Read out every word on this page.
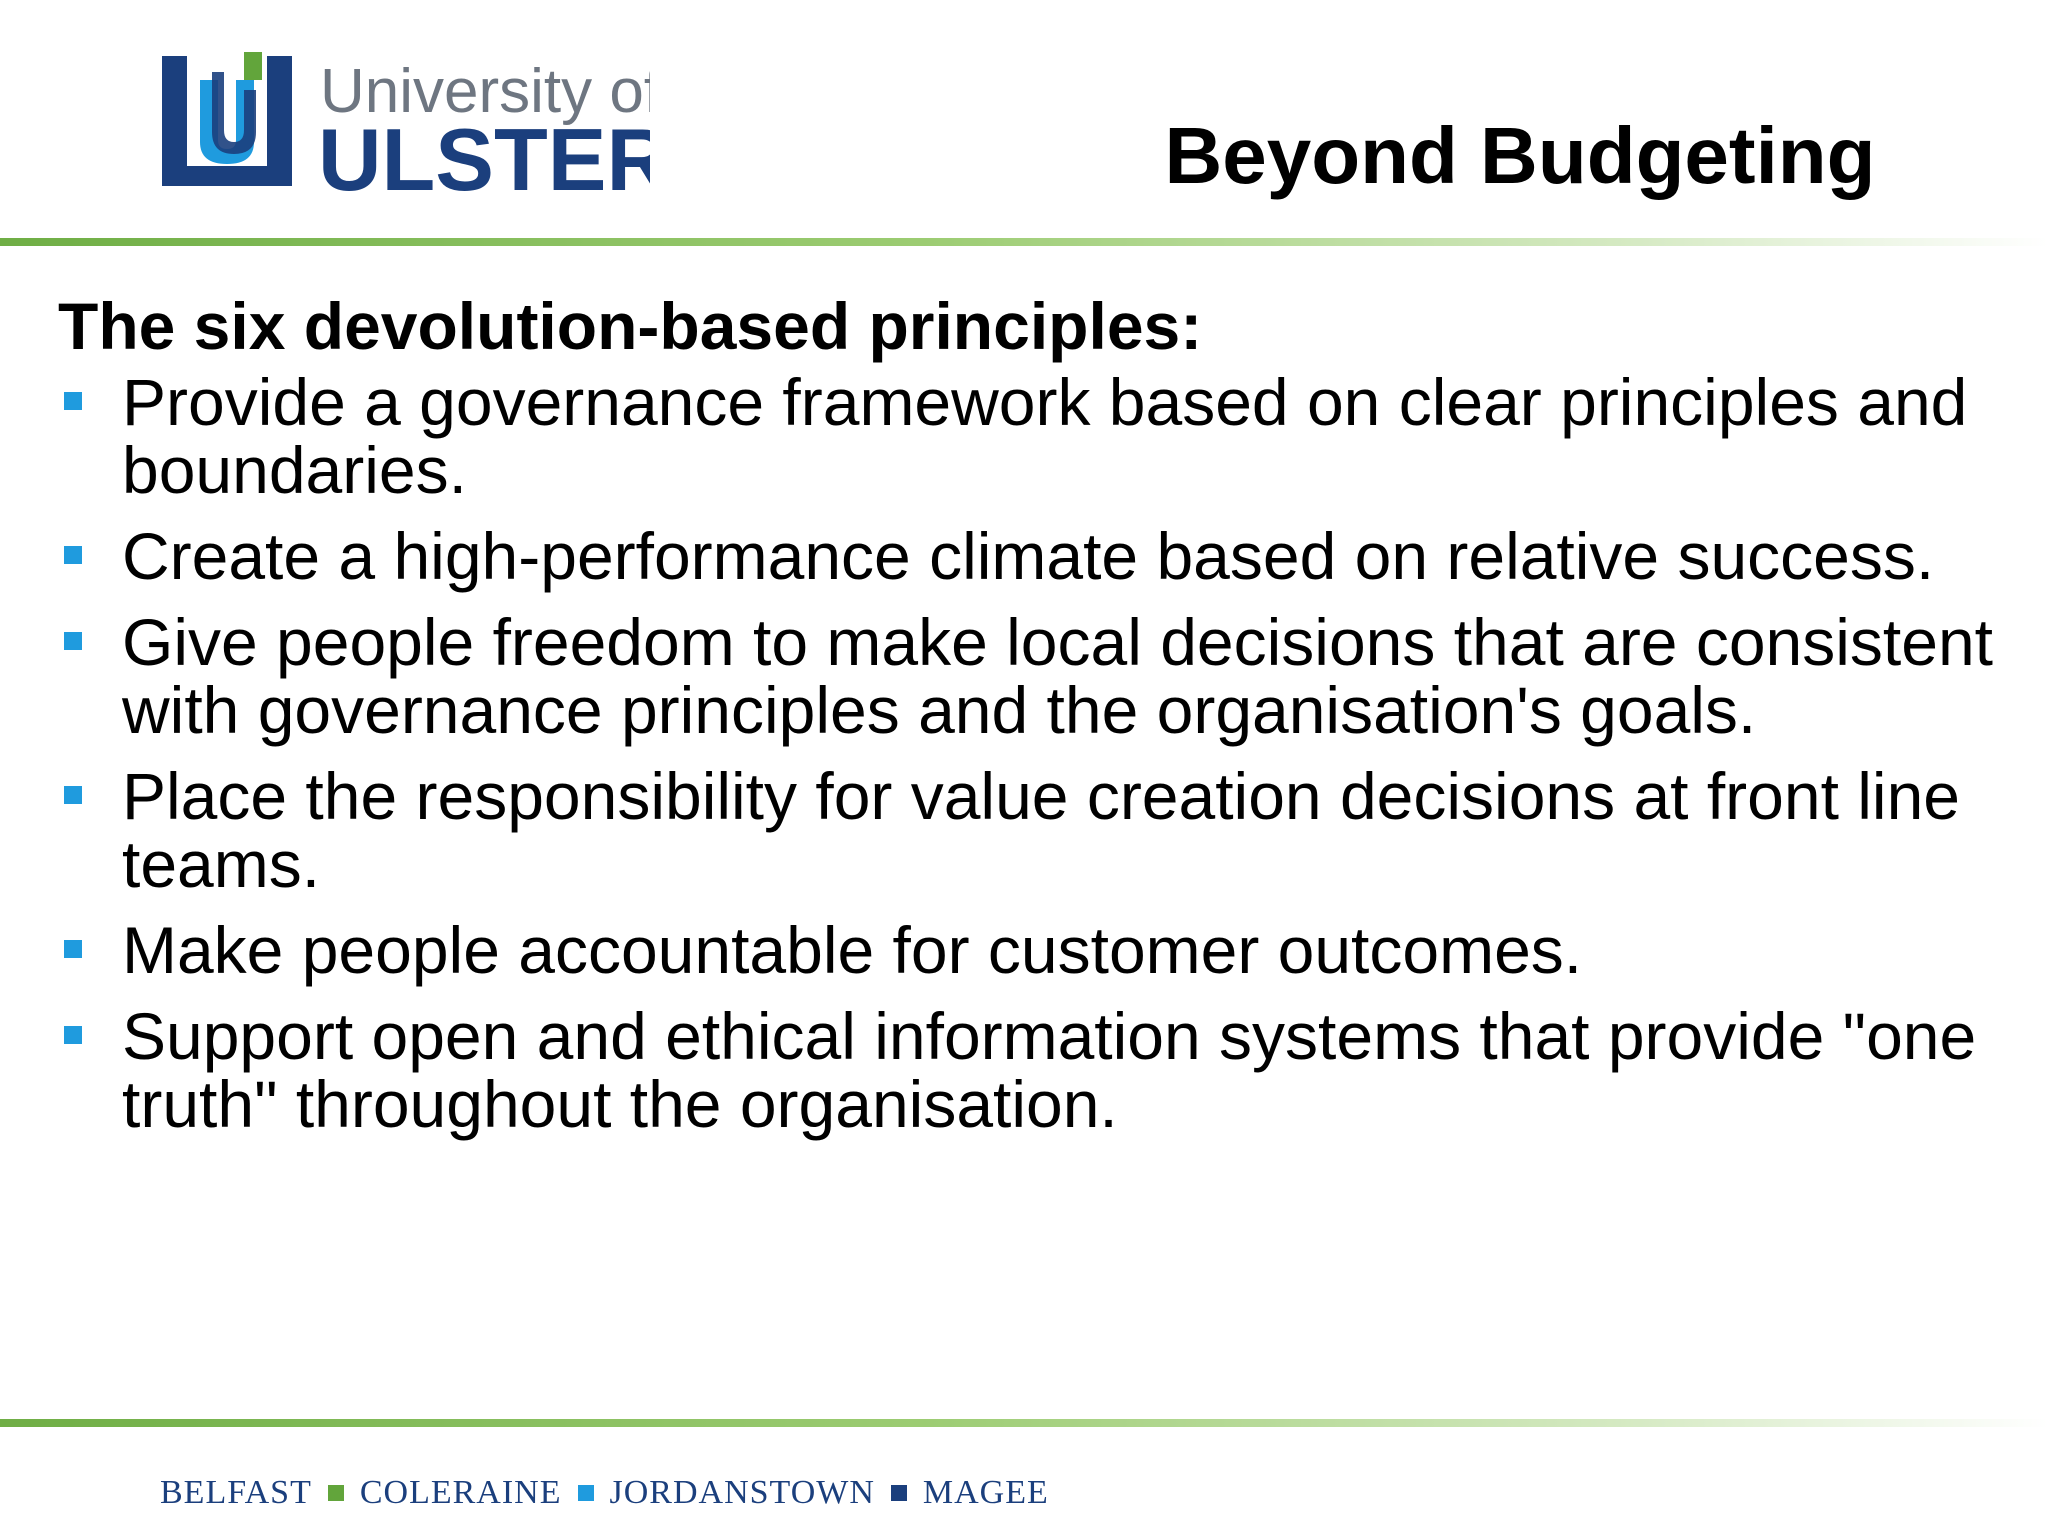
University of
ULSTER	Beyond Budgeting
The six devolution-based principles:
Provide a governance framework based on clear principles and boundaries.
Create a high-performance climate based on relative success.
Give people freedom to make local decisions that are consistent with governance principles and the organisation's goals.
Place the responsibility for value creation decisions at front line teams.
Make people accountable for customer outcomes.
Support open and ethical information systems that provide "one truth" throughout the organisation.
BELFAST COLERAINE JORDANSTOWN MAGEE
